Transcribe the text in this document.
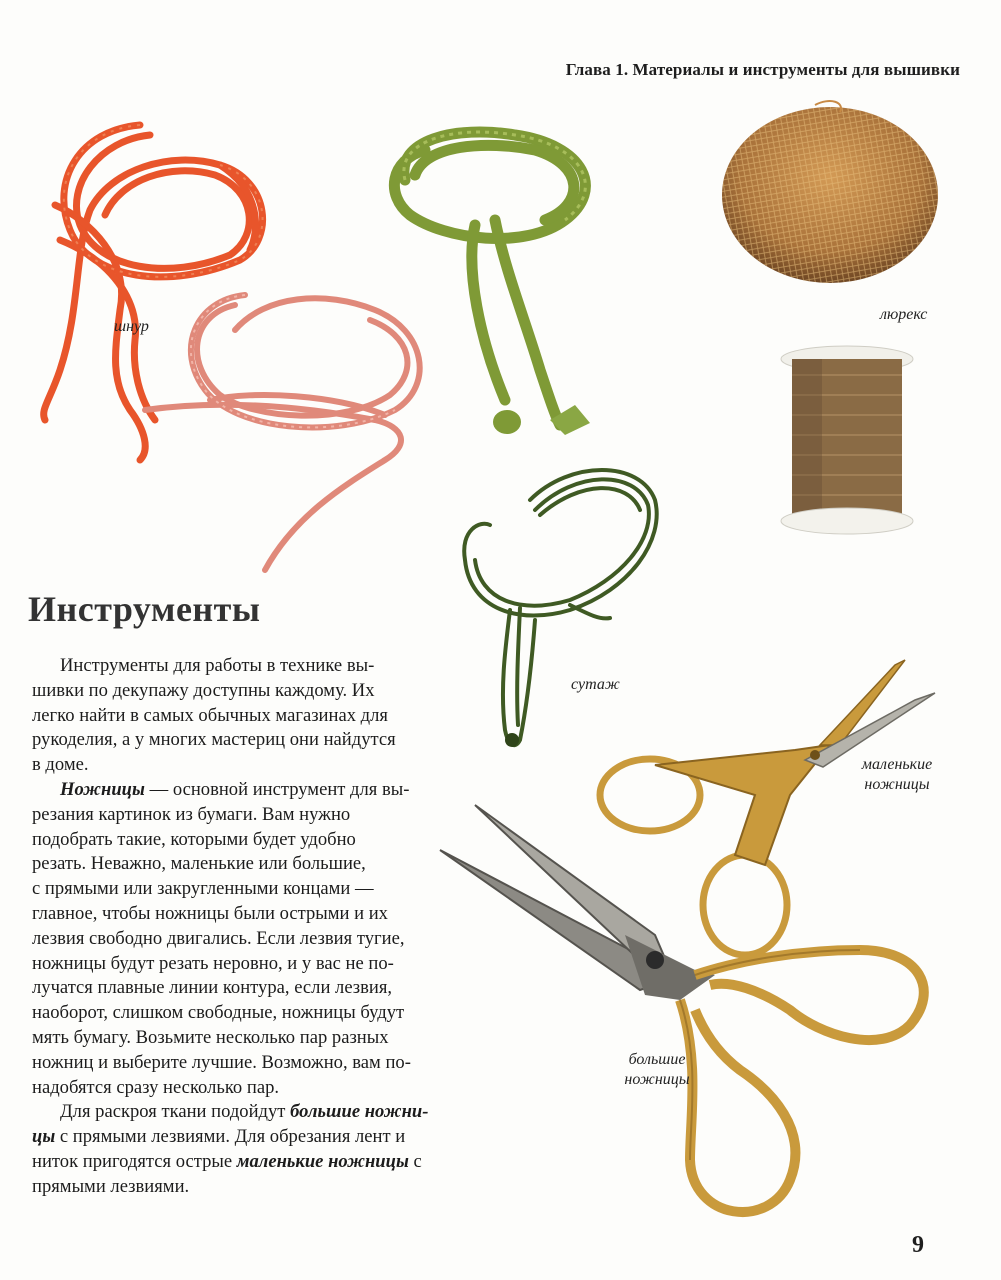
Глава 1. Материалы и инструменты для вышивки
шнур
люрекс
сутаж
маленькие
ножницы
большие
ножницы
Инструменты

Инструменты для работы в технике вы-

шивки по декупажу доступны каждому. Их

легко найти в самых обычных магазинах для

рукоделия, а у многих мастериц они найдутся

в доме.

Ножницы — основной инструмент для вы-

резания картинок из бумаги. Вам нужно

подобрать такие, которыми будет удобно

резать. Неважно, маленькие или большие,

с прямыми или закругленными концами —

главное, чтобы ножницы были острыми и их

лезвия свободно двигались. Если лезвия тугие,

ножницы будут резать неровно, и у вас не по-

лучатся плавные линии контура, если лезвия,

наоборот, слишком свободные, ножницы будут

мять бумагу. Возьмите несколько пар разных

ножниц и выберите лучшие. Возможно, вам по-

надобятся сразу несколько пар.

Для раскроя ткани подойдут большие ножни-

цы с прямыми лезвиями. Для обрезания лент и

ниток пригодятся острые маленькие ножницы с

прямыми лезвиями.

9
